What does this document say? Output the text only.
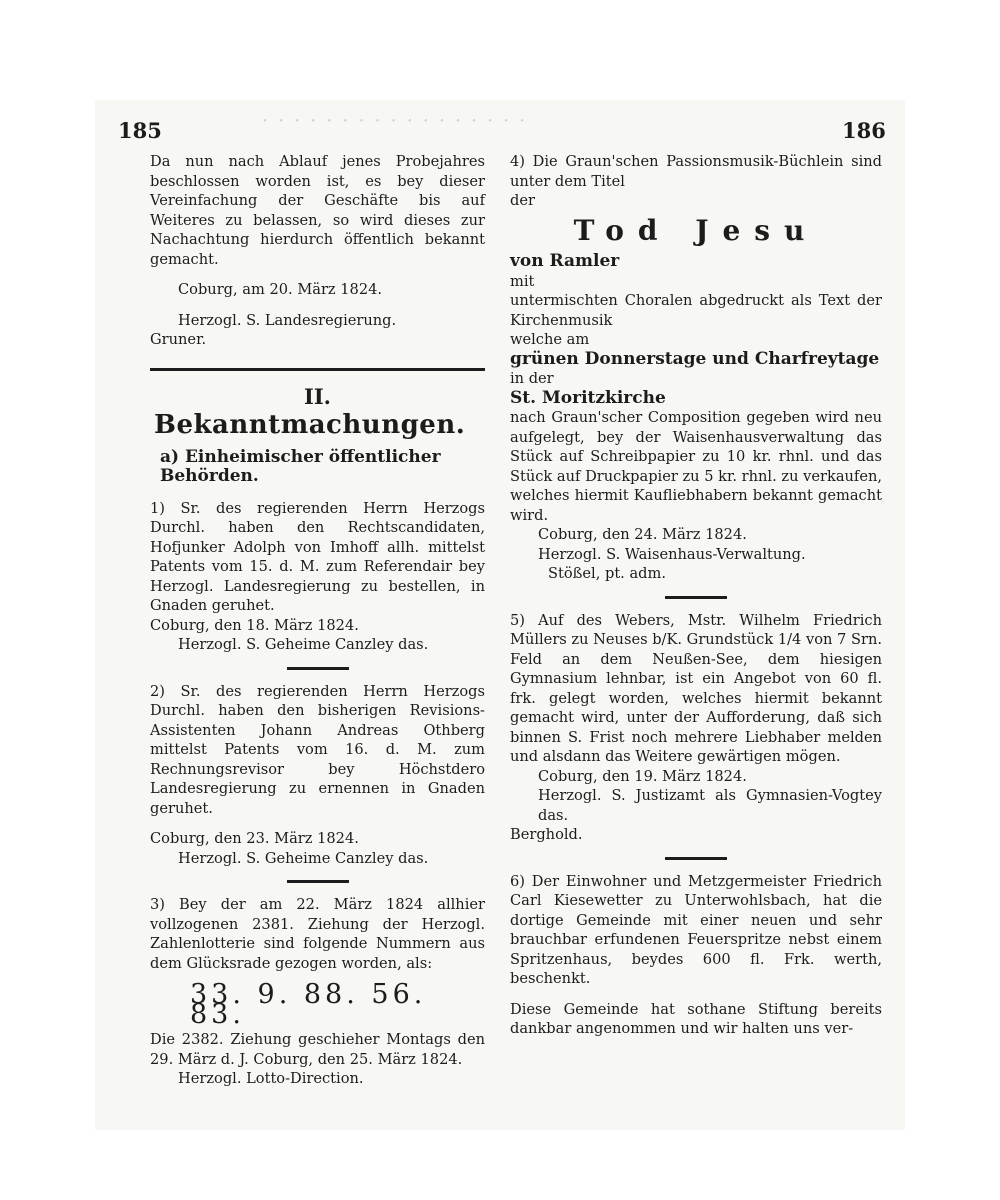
185	186
· · · · · · · · · · · · · · · · ·

Da nun nach Ablauf jenes Probejahres beschlossen worden ist, es bey dieser Vereinfachung der Geschäfte bis auf Weiteres zu belassen, so wird dieses zur Nachachtung hierdurch öffentlich bekannt gemacht.

Coburg, am 20. März 1824.

Herzogl. S. Landesregierung.

Gruner.

II.
Bekanntmachungen.
a) Einheimischer öffentlicher Behörden.

1) Sr. des regierenden Herrn Herzogs Durchl. haben den Rechtscandidaten, Hofjunker Adolph von Imhoff allh. mittelst Patents vom 15. d. M. zum Referendair bey Herzogl. Landesregierung zu bestellen, in Gnaden geruhet.

Coburg, den 18. März 1824.

Herzogl. S. Geheime Canzley das.

2) Sr. des regierenden Herrn Herzogs Durchl. haben den bisherigen Revisions-Assistenten Johann Andreas Othberg mittelst Patents vom 16. d. M. zum Rechnungsrevisor bey Höchstdero Landesregierung zu ernennen in Gnaden geruhet.

Coburg, den 23. März 1824.

Herzogl. S. Geheime Canzley das.

3) Bey der am 22. März 1824 allhier vollzogenen 2381. Ziehung der Herzogl. Zahlenlotterie sind folgende Nummern aus dem Glücksrade gezogen worden, als:

33. 9. 88. 56. 83.

Die 2382. Ziehung geschieher Montags den 29. März d. J. Coburg, den 25. März 1824.

Herzogl. Lotto-Direction.

4) Die Graun'schen Passionsmusik-Büchlein sind unter dem Titel

der

Tod Jesu

von Ramler

mit

untermischten Choralen abgedruckt als Text der Kirchenmusik

welche am

grünen Donnerstage und Charfreytage

in der

St. Moritzkirche

nach Graun'scher Composition gegeben wird neu aufgelegt, bey der Waisenhausverwaltung das Stück auf Schreibpapier zu 10 kr. rhnl. und das Stück auf Druckpapier zu 5 kr. rhnl. zu verkaufen, welches hiermit Kaufliebhabern bekannt gemacht wird.

Coburg, den 24. März 1824.

Herzogl. S. Waisenhaus-Verwaltung.

Stößel, pt. adm.

5) Auf des Webers, Mstr. Wilhelm Friedrich Müllers zu Neuses b/K. Grundstück 1/4 von 7 Srn. Feld an dem Neußen-See, dem hiesigen Gymnasium lehnbar, ist ein Angebot von 60 fl. frk. gelegt worden, welches hiermit bekannt gemacht wird, unter der Aufforderung, daß sich binnen S. Frist noch mehrere Liebhaber melden und alsdann das Weitere gewärtigen mögen.

Coburg, den 19. März 1824.

Herzogl. S. Justizamt als Gymnasien-Vogtey das.

Berghold.

6) Der Einwohner und Metzgermeister Friedrich Carl Kiesewetter zu Unterwohlsbach, hat die dortige Gemeinde mit einer neuen und sehr brauchbar erfundenen Feuerspritze nebst einem Spritzenhaus, beydes 600 fl. Frk. werth, beschenkt.

Diese Gemeinde hat sothane Stiftung bereits dankbar angenommen und wir halten uns ver-
